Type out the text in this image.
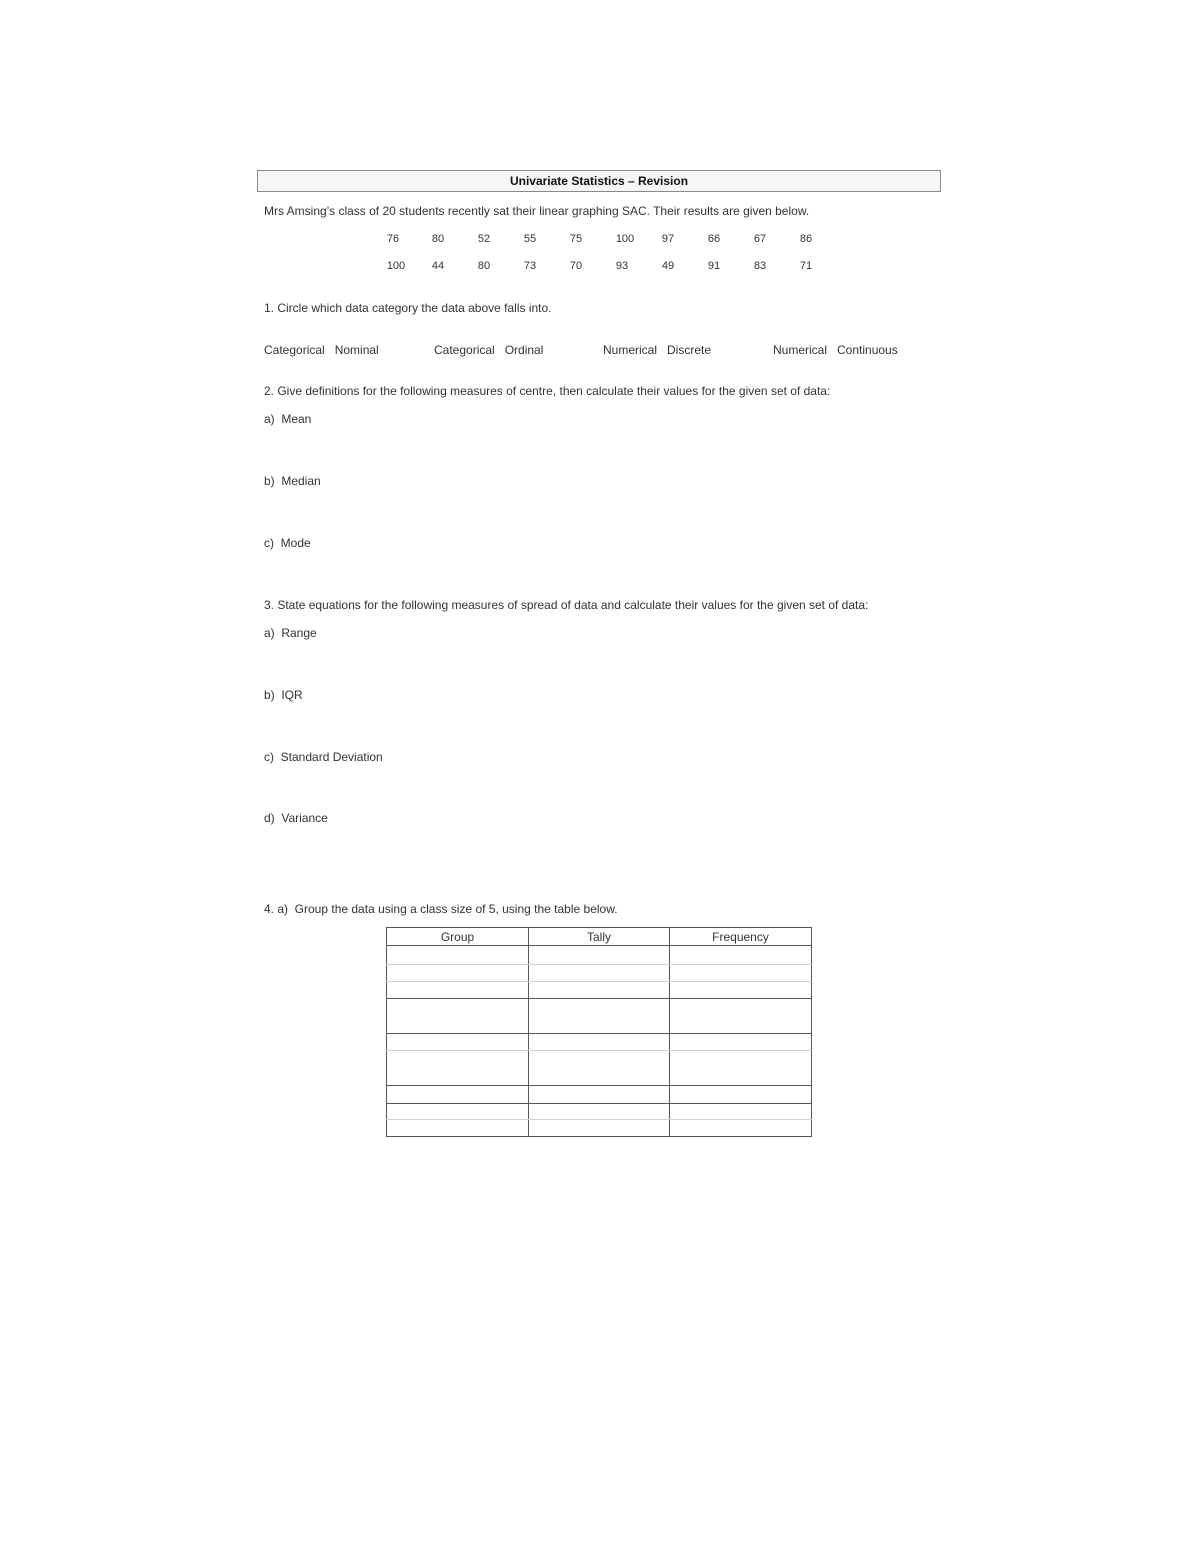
Univariate Statistics – Revision
Mrs Amsing’s class of 20 students recently sat their linear graphing SAC. Their results are given below.
76	80	52	55	75	100	97	66	67	86
100	44	80	73	70	93	49	91	83	71
1. Circle which data category the data above falls into.
Categorical   Nominal	Categorical   Ordinal	Numerical   Discrete	Numerical   Continuous
2. Give definitions for the following measures of centre, then calculate their values for the given set of data:
a)  Mean
b)  Median
c)  Mode
3. State equations for the following measures of spread of data and calculate their values for the given set of data:
a)  Range
b)  IQR
c)  Standard Deviation
d)  Variance
4. a)  Group the data using a class size of 5, using the table below.
Group	Tally	Frequency
